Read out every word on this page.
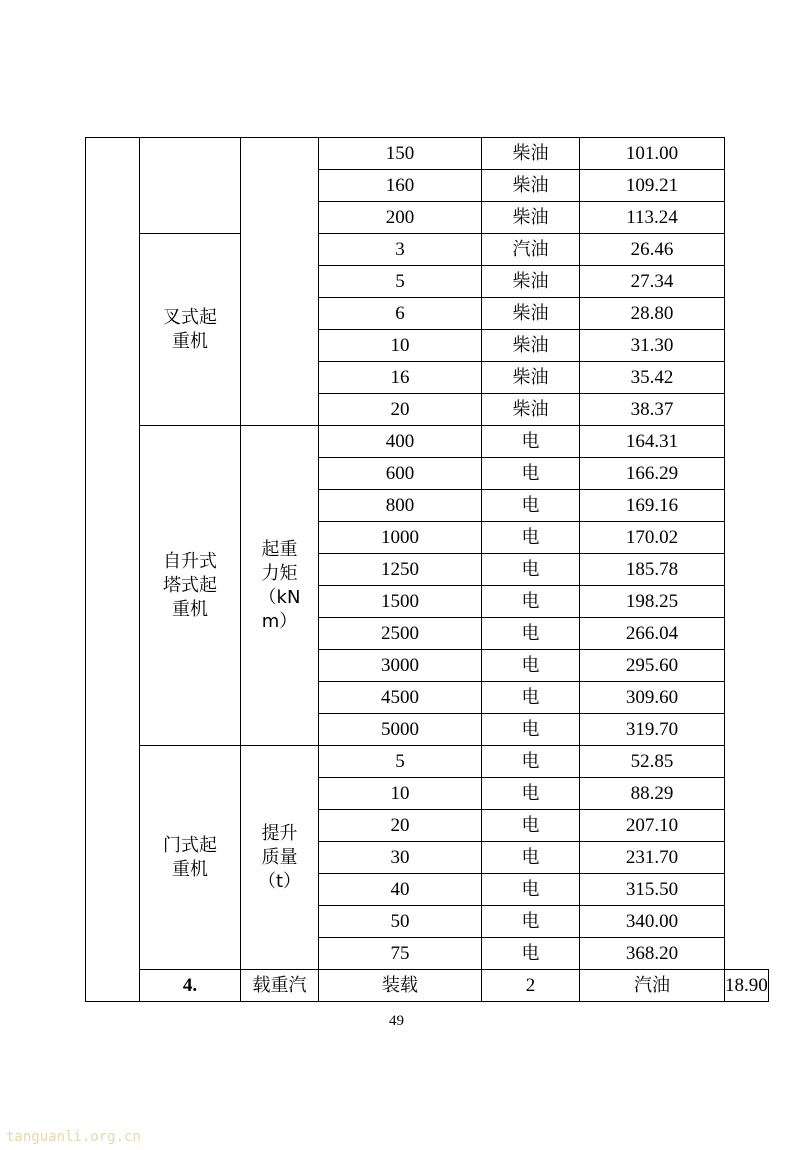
			150	柴油	101.00	
			160	柴油	109.21	
			200	柴油	113.24	
	叉式起重机		3	汽油	26.46	
			5	柴油	27.34	
			6	柴油	28.80	
			10	柴油	31.30	
			16	柴油	35.42	
			20	柴油	38.37	
	自升式塔式起重机	起重力矩（kNm）	400	电	164.31	
			600	电	166.29	
			800	电	169.16	
			1000	电	170.02	
			1250	电	185.78	
			1500	电	198.25	
			2500	电	266.04	
			3000	电	295.60	
			4500	电	309.60	
			5000	电	319.70	
	门式起重机	提升质量（t）	5	电	52.85	
			10	电	88.29	
			20	电	207.10	
			30	电	231.70	
			40	电	315.50	
			50	电	340.00	
			75	电	368.20	
	4.	载重汽	装载	2	汽油	18.90
49
tanguanli.org.cn
